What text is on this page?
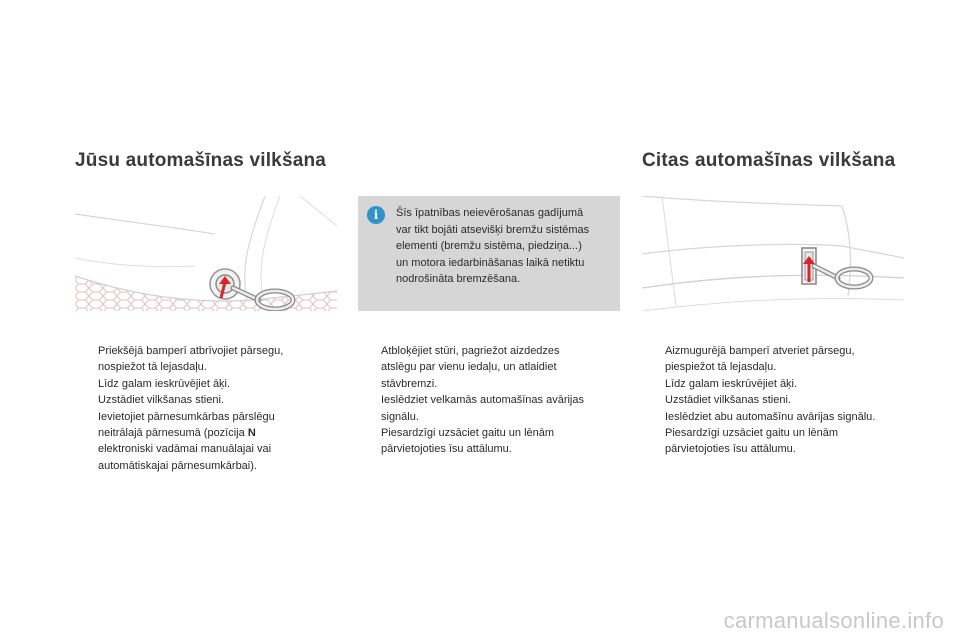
Jūsu automašīnas vilkšana	Citas automašīnas vilkšana
i	Šīs īpatnības neievērošanas gadījumā
var tikt bojāti atsevišķi bremžu sistēmas
elementi (bremžu sistēma, piedziņa...)
un motora iedarbināšanas laikā netiktu
nodrošināta bremzēšana.
Priekšējā bamperī atbrīvojiet pārsegu,
nospiežot tā lejasdaļu.
Līdz galam ieskrūvējiet āķi.
Uzstādiet vilkšanas stieni.
Ievietojiet pārnesumkārbas pārslēgu
neitrālajā pārnesumā (pozīcija N
elektroniski vadāmai manuālajai vai
automātiskajai pārnesumkārbai).
Atbloķējiet stūri, pagriežot aizdedzes
atslēgu par vienu iedaļu, un atlaidiet
stāvbremzi.
Ieslēdziet velkamās automašīnas avārijas
signālu.
Piesardzīgi uzsāciet gaitu un lēnām
pārvietojoties īsu attālumu.
Aizmugurējā bamperī atveriet pārsegu,
piespiežot tā lejasdaļu.
Līdz galam ieskrūvējiet āķi.
Uzstādiet vilkšanas stieni.
Ieslēdziet abu automašīnu avārijas signālu.
Piesardzīgi uzsāciet gaitu un lēnām
pārvietojoties īsu attālumu.
carmanualsonline.info
